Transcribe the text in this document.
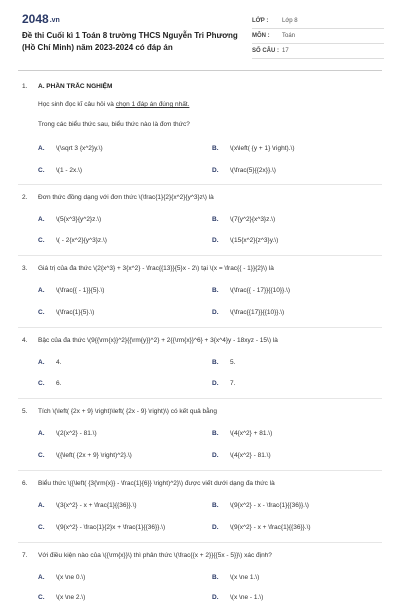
2048.vn
Đề thi Cuối kì 1 Toán 8 trường THCS Nguyễn Tri Phương (Hồ Chí Minh) năm 2023-2024 có đáp án
LỚP :	Lớp 8
MÔN :	Toán
SỐ CÂU : 17
1.	A. PHẦN TRẮC NGHIỆM
Học sinh đọc kĩ câu hỏi và chọn 1 đáp án đúng nhất.
Trong các biểu thức sau, biểu thức nào là đơn thức?
A. \(\sqrt 3 {x^2}y.\)	B. \(x\left( {y + 1} \right).\)
C. \(1 - 2x.\)	D. \(\frac{5}{{2x}}.\)
2.	Đơn thức đồng dạng với đơn thức \(\frac{1}{2}{x^2}{y^3}z\) là
A. \(5{x^3}{y^2}z.\)	B. \(7{y^2}{x^3}z.\)
C. \( - 2{x^2}{y^3}z.\)	D. \(15{x^2}{z^3}y.\)
3.	Giá trị của đa thức \(2{x^3} + 3{x^2} - \frac{{13}}{5}x - 2\) tại \(x = \frac{{ - 1}}{2}\) là
A. \(\frac{{ - 1}}{5}.\)	B. \(\frac{{ - 17}}{{10}}.\)
C. \(\frac{1}{5}.\)	D. \(\frac{{17}}{{10}}.\)
4.	Bậc của đa thức \(9{{\rm{x}}^2}{{\rm{y}}^2} + 2{{\rm{x}}^6} + 3{x^4}y - 18xyz - 15\) là
A. 4.	B. 5.
C. 6.	D. 7.
5.	Tích \(\left( {2x + 9} \right)\left( {2x - 9} \right)\) có kết quả bằng
A. \(2{x^2} - 81.\)	B. \(4{x^2} + 81.\)
C. \({\left( {2x + 9} \right)^2}.\)	D. \(4{x^2} - 81.\)
6.	Biểu thức \({\left( {3{\rm{x}} - \frac{1}{6}} \right)^2}\) được viết dưới dạng đa thức là
A. \(3{x^2} - x + \frac{1}{{36}}.\)	B. \(9{x^2} - x - \frac{1}{{36}}.\)
C. \(9{x^2} - \frac{1}{2}x + \frac{1}{{36}}.\)	D. \(9{x^2} - x + \frac{1}{{36}}.\)
7.	Với điều kiện nào của \({\rm{x}}\) thì phân thức \(\frac{{x + 2}}{{5x - 5}}\) xác định?
A. \(x \ne 0.\)	B. \(x \ne 1.\)
C. \(x \ne 2.\)	D. \(x \ne - 1.\)
